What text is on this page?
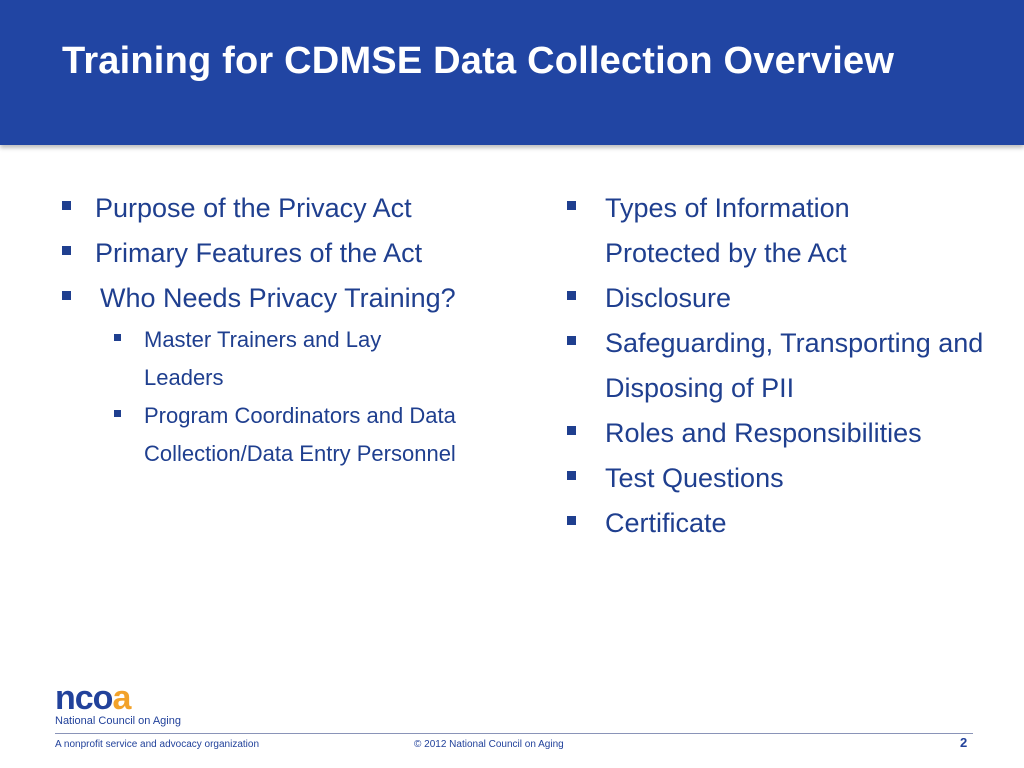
Training for CDMSE Data Collection Overview
Purpose of the Privacy Act
Primary Features of the Act
Who Needs Privacy Training?
Master Trainers and Lay Leaders
Program Coordinators and Data Collection/Data Entry Personnel
Types of Information Protected by the Act
Disclosure
Safeguarding, Transporting and Disposing of PII
Roles and Responsibilities
Test Questions
Certificate
ncoa
National Council on Aging
A nonprofit service and advocacy organization	© 2012 National Council on Aging	2
